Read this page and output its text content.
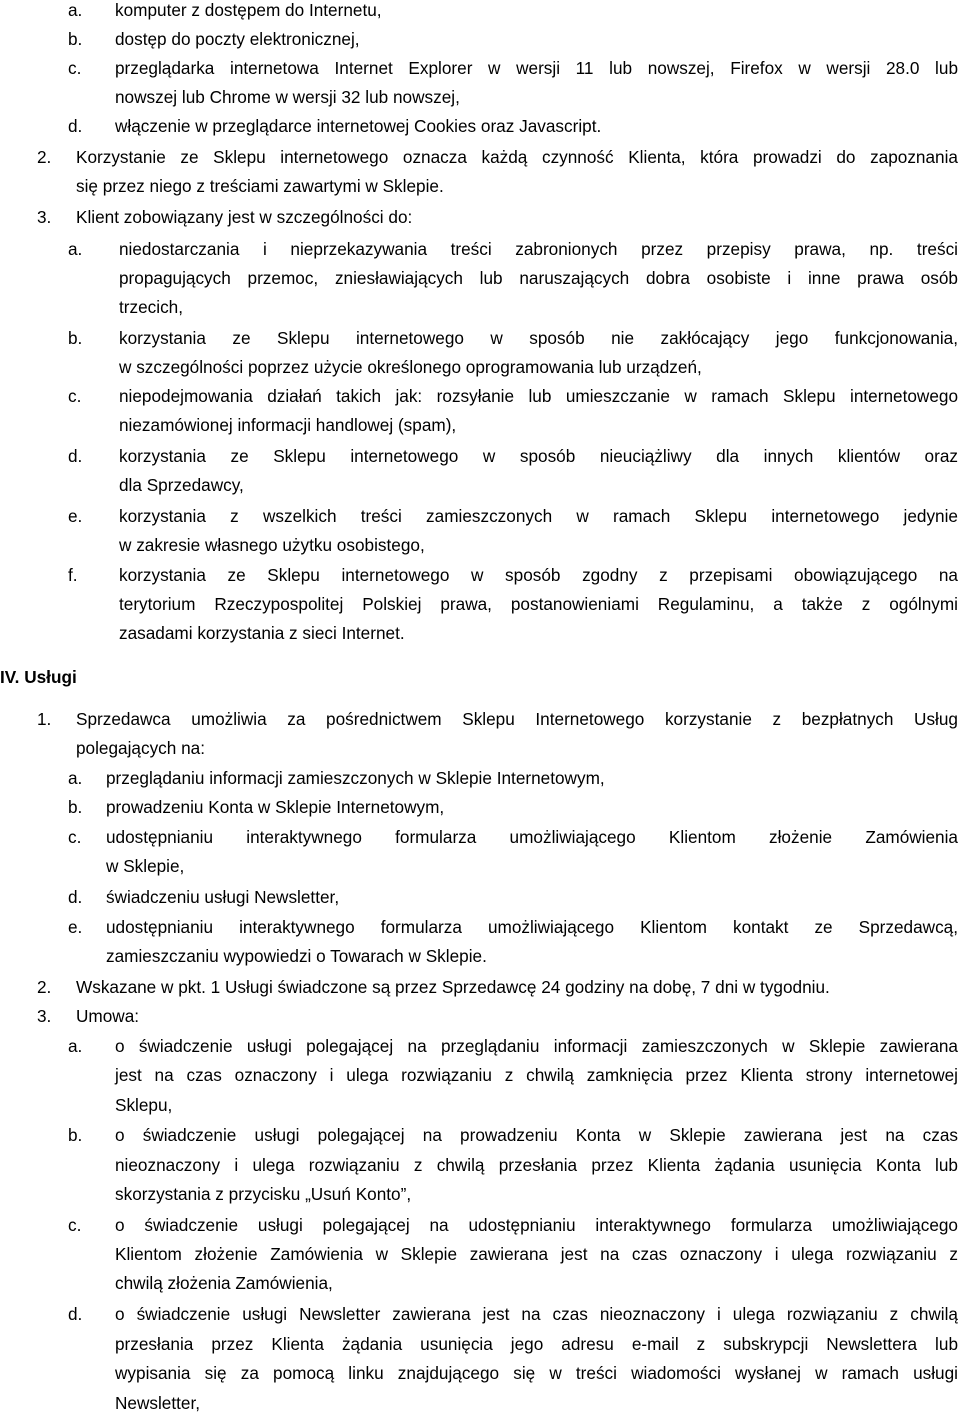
a. komputer z dostępem do Internetu,
b. dostęp do poczty elektronicznej,
c. przeglądarka internetowa Internet Explorer w wersji 11 lub nowszej, Firefox w wersji 28.0 lub
nowszej lub Chrome w wersji 32 lub nowszej,
d. włączenie w przeglądarce internetowej Cookies oraz Javascript.
2. Korzystanie ze Sklepu internetowego oznacza każdą czynność Klienta, która prowadzi do zapoznania
się przez niego z treściami zawartymi w Sklepie.
3. Klient zobowiązany jest w szczególności do:
a. niedostarczania i nieprzekazywania treści zabronionych przez przepisy prawa, np. treści
propagujących przemoc, zniesławiających lub naruszających dobra osobiste i inne prawa osób
trzecich,
b. korzystania ze Sklepu internetowego w sposób nie zakłócający jego funkcjonowania,
w szczególności poprzez użycie określonego oprogramowania lub urządzeń,
c. niepodejmowania działań takich jak: rozsyłanie lub umieszczanie w ramach Sklepu internetowego
niezamówionej informacji handlowej (spam),
d. korzystania ze Sklepu internetowego w sposób nieuciążliwy dla innych klientów oraz
dla Sprzedawcy,
e. korzystania z wszelkich treści zamieszczonych w ramach Sklepu internetowego jedynie
w zakresie własnego użytku osobistego,
f. korzystania ze Sklepu internetowego w sposób zgodny z przepisami obowiązującego na
terytorium Rzeczypospolitej Polskiej prawa, postanowieniami Regulaminu, a także z ogólnymi
zasadami korzystania z sieci Internet.
IV. Usługi
1. Sprzedawca umożliwia za pośrednictwem Sklepu Internetowego korzystanie z bezpłatnych Usług
polegających na:
a. przeglądaniu informacji zamieszczonych w Sklepie Internetowym,
b. prowadzeniu Konta w Sklepie Internetowym,
c. udostępnianiu interaktywnego formularza umożliwiającego Klientom złożenie Zamówienia
w Sklepie,
d. świadczeniu usługi Newsletter,
e. udostępnianiu interaktywnego formularza umożliwiającego Klientom kontakt ze Sprzedawcą,
zamieszczaniu wypowiedzi o Towarach w Sklepie.
2. Wskazane w pkt. 1 Usługi świadczone są przez Sprzedawcę 24 godziny na dobę, 7 dni w tygodniu.
3. Umowa:
a. o świadczenie usługi polegającej na przeglądaniu informacji zamieszczonych w Sklepie zawierana
jest na czas oznaczony i ulega rozwiązaniu z chwilą zamknięcia przez Klienta strony internetowej
Sklepu,
b. o świadczenie usługi polegającej na prowadzeniu Konta w Sklepie zawierana jest na czas
nieoznaczony i ulega rozwiązaniu z chwilą przesłania przez Klienta żądania usunięcia Konta lub
skorzystania z przycisku „Usuń Konto”,
c. o świadczenie usługi polegającej na udostępnianiu interaktywnego formularza umożliwiającego
Klientom złożenie Zamówienia w Sklepie zawierana jest na czas oznaczony i ulega rozwiązaniu z
chwilą złożenia Zamówienia,
d. o świadczenie usługi Newsletter zawierana jest na czas nieoznaczony i ulega rozwiązaniu z chwilą
przesłania przez Klienta żądania usunięcia jego adresu e-mail z subskrypcji Newslettera lub
wypisania się za pomocą linku znajdującego się w treści wiadomości wysłanej w ramach usługi
Newsletter,
